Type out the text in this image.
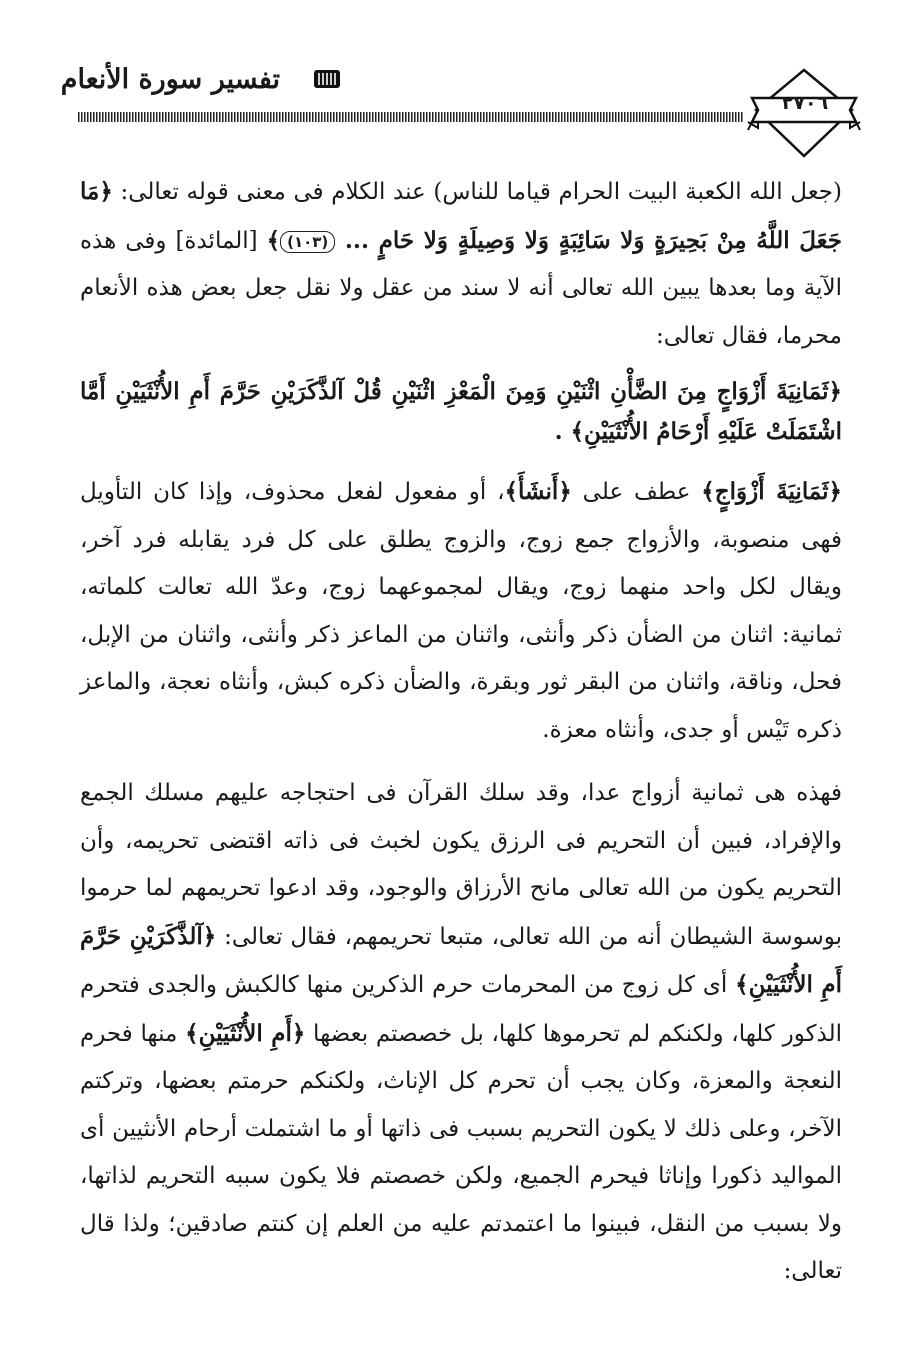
تفسير سورة الأنعام
٢٧٠٦

(جعل الله الكعبة البيت الحرام قياما للناس) عند الكلام فى معنى قوله تعالى: ﴿مَا جَعَلَ اللَّهُ مِنْ بَحِيرَةٍ وَلا سَائِبَةٍ وَلا وَصِيلَةٍ وَلا حَامٍ ... (١٠٣)﴾ [المائدة] وفى هذه الآية وما بعدها يبين الله تعالى أنه لا سند من عقل ولا نقل جعل بعض هذه الأنعام محرما، فقال تعالى:

﴿ثَمَانِيَةَ أَزْوَاجٍ مِنَ الضَّأْنِ اثْنَيْنِ وَمِنَ الْمَعْزِ اثْنَيْنِ قُلْ آلذَّكَرَيْنِ حَرَّمَ أَمِ الأُنْثَيَيْنِ أَمَّا اشْتَمَلَتْ عَلَيْهِ أَرْحَامُ الأُنْثَيَيْنِ﴾ .

﴿ثَمَانِيَةَ أَزْوَاجٍ﴾ عطف على ﴿أَنشَأَ﴾، أو مفعول لفعل محذوف، وإذا كان التأويل فهى منصوبة، والأزواج جمع زوج، والزوج يطلق على كل فرد يقابله فرد آخر، ويقال لكل واحد منهما زوج، ويقال لمجموعهما زوج، وعدّ الله تعالت كلماته، ثمانية: اثنان من الضأن ذكر وأنثى، واثنان من الماعز ذكر وأنثى، واثنان من الإبل، فحل، وناقة، واثنان من البقر ثور وبقرة، والضأن ذكره كبش، وأنثاه نعجة، والماعز ذكره تَيْس أو جدى، وأنثاه معزة.

فهذه هى ثمانية أزواج عدا، وقد سلك القرآن فى احتجاجه عليهم مسلك الجمع والإفراد، فبين أن التحريم فى الرزق يكون لخبث فى ذاته اقتضى تحريمه، وأن التحريم يكون من الله تعالى مانح الأرزاق والوجود، وقد ادعوا تحريمهم لما حرموا بوسوسة الشيطان أنه من الله تعالى، متبعا تحريمهم، فقال تعالى: ﴿آلذَّكَرَيْنِ حَرَّمَ أَمِ الأُنْثَيَيْنِ﴾ أى كل زوج من المحرمات حرم الذكرين منها كالكبش والجدى فتحرم الذكور كلها، ولكنكم لم تحرموها كلها، بل خصصتم بعضها ﴿أَمِ الأُنْثَيَيْنِ﴾ منها فحرم النعجة والمعزة، وكان يجب أن تحرم كل الإناث، ولكنكم حرمتم بعضها، وتركتم الآخر، وعلى ذلك لا يكون التحريم بسبب فى ذاتها أو ما اشتملت أرحام الأنثيين أى المواليد ذكورا وإناثا فيحرم الجميع، ولكن خصصتم فلا يكون سببه التحريم لذاتها، ولا بسبب من النقل، فبينوا ما اعتمدتم عليه من العلم إن كنتم صادقين؛ ولذا قال تعالى:
